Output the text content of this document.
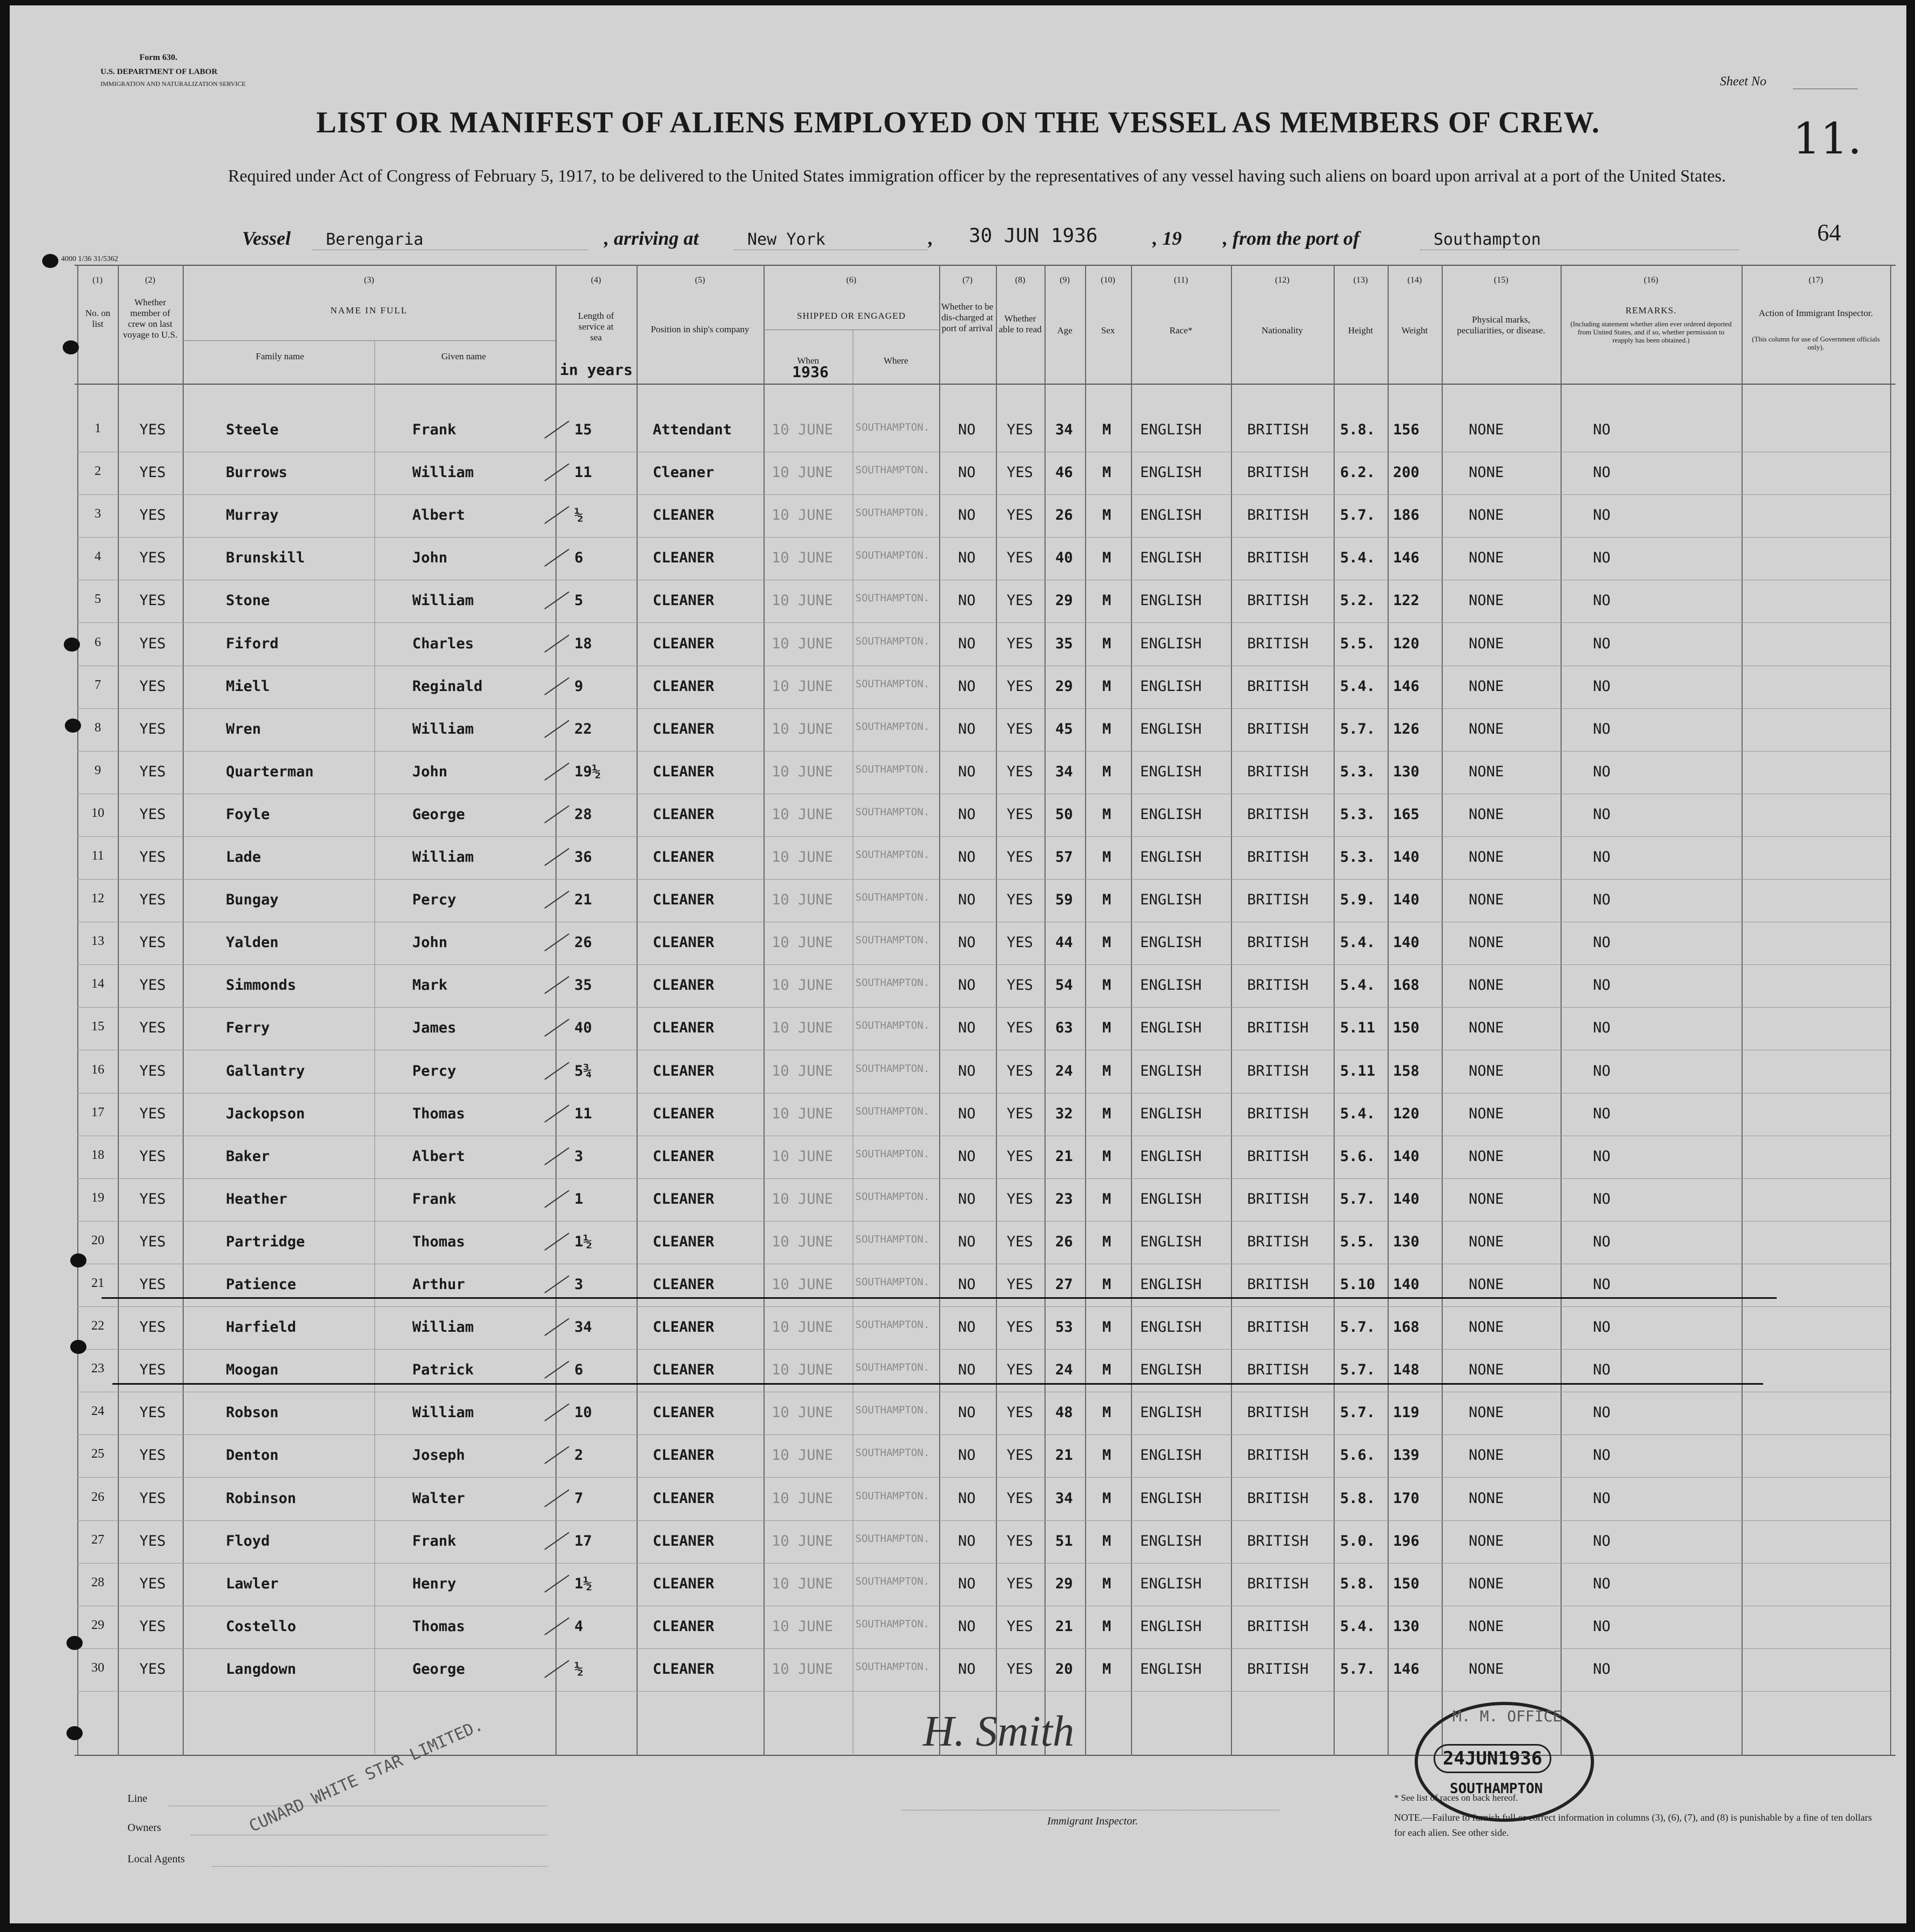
Form 630.
U.S. DEPARTMENT OF LABOR
IMMIGRATION AND NATURALIZATION SERVICE	Sheet No
11.
LIST OR MANIFEST OF ALIENS EMPLOYED ON THE VESSEL AS MEMBERS OF CREW.
Required under Act of Congress of February 5, 1917, to be delivered to the United States immigration officer by the representatives of any vessel having such aliens on board upon arrival at a port of the United States.
Vessel Berengaria	, arriving at	New York	, 30 JUN 1936	, 19 , from the port of	Southampton	64
4000 1/36 31/5362
(1)	(2)	(3)	(4)	(5)	(6)	(7)	(8)	(9)	(10)	(11)	(12)	(13)	(14)	(15)	(16)	(17)
No. on list
Whether member of crew on last voyage to U.S.
NAME IN FULL
Family name	Given name
Length of service at sea
in years
Position in ship's company
SHIPPED OR ENGAGED
When
1936
Where
Whether to be dis-charged at port of arrival
Whether able to read	Age	Sex	Race*	Nationality	Height	Weight
Physical marks, peculiarities, or disease.
REMARKS.
(Including statement whether alien ever ordered deported from United States, and if so, whether permission to reapply has been obtained.)
Action of Immigrant Inspector.
(This column for use of Government officials only).
1	YES	Steele	Frank	15	Attendant	10 JUNE SOUTHAMPTON. NO YES 34 M ENGLISH	BRITISH 5.8. 156	NONE	NO
2	YES	Burrows	William	11	Cleaner	10 JUNE SOUTHAMPTON. NO YES 46 M ENGLISH	BRITISH 6.2. 200	NONE	NO
3	YES	Murray	Albert	½	CLEANER	10 JUNE SOUTHAMPTON. NO YES 26 M ENGLISH	BRITISH 5.7. 186	NONE	NO
4	YES	Brunskill	John	6	CLEANER	10 JUNE SOUTHAMPTON. NO YES 40 M ENGLISH	BRITISH 5.4. 146	NONE	NO
5	YES	Stone	William	5	CLEANER	10 JUNE SOUTHAMPTON. NO YES 29 M ENGLISH	BRITISH 5.2. 122	NONE	NO
6	YES	Fiford	Charles	18	CLEANER	10 JUNE SOUTHAMPTON. NO YES 35 M ENGLISH	BRITISH 5.5. 120	NONE	NO
7	YES	Miell	Reginald	9	CLEANER	10 JUNE SOUTHAMPTON. NO YES 29 M ENGLISH	BRITISH 5.4. 146	NONE	NO
8	YES	Wren	William	22	CLEANER	10 JUNE SOUTHAMPTON. NO YES 45 M ENGLISH	BRITISH 5.7. 126	NONE	NO
9	YES	Quarterman	John	19½	CLEANER	10 JUNE SOUTHAMPTON. NO YES 34 M ENGLISH	BRITISH 5.3. 130	NONE	NO
10	YES	Foyle	George	28	CLEANER	10 JUNE SOUTHAMPTON. NO YES 50 M ENGLISH	BRITISH 5.3. 165	NONE	NO
11	YES	Lade	William	36	CLEANER	10 JUNE SOUTHAMPTON. NO YES 57 M ENGLISH	BRITISH 5.3. 140	NONE	NO
12	YES	Bungay	Percy	21	CLEANER	10 JUNE SOUTHAMPTON. NO YES 59 M ENGLISH	BRITISH 5.9. 140	NONE	NO
13	YES	Yalden	John	26	CLEANER	10 JUNE SOUTHAMPTON. NO YES 44 M ENGLISH	BRITISH 5.4. 140	NONE	NO
14	YES	Simmonds	Mark	35	CLEANER	10 JUNE SOUTHAMPTON. NO YES 54 M ENGLISH	BRITISH 5.4. 168	NONE	NO
15	YES	Ferry	James	40	CLEANER	10 JUNE SOUTHAMPTON. NO YES 63 M ENGLISH	BRITISH 5.11 150	NONE	NO
16	YES	Gallantry	Percy	5¾	CLEANER	10 JUNE SOUTHAMPTON. NO YES 24 M ENGLISH	BRITISH 5.11 158	NONE	NO
17	YES	Jackopson	Thomas	11	CLEANER	10 JUNE SOUTHAMPTON. NO YES 32 M ENGLISH	BRITISH 5.4. 120	NONE	NO
18	YES	Baker	Albert	3	CLEANER	10 JUNE SOUTHAMPTON. NO YES 21 M ENGLISH	BRITISH 5.6. 140	NONE	NO
19	YES	Heather	Frank	1	CLEANER	10 JUNE SOUTHAMPTON. NO YES 23 M ENGLISH	BRITISH 5.7. 140	NONE	NO
20	YES	Partridge	Thomas	1½	CLEANER	10 JUNE SOUTHAMPTON. NO YES 26 M ENGLISH	BRITISH 5.5. 130	NONE	NO
21	YES	Patience	Arthur	3	CLEANER	10 JUNE SOUTHAMPTON. NO YES 27 M ENGLISH	BRITISH 5.10 140	NONE	NO
22	YES	Harfield	William	34	CLEANER	10 JUNE SOUTHAMPTON. NO YES 53 M ENGLISH	BRITISH 5.7. 168	NONE	NO
23	YES	Moogan	Patrick	6	CLEANER	10 JUNE SOUTHAMPTON. NO YES 24 M ENGLISH	BRITISH 5.7. 148	NONE	NO
24	YES	Robson	William	10	CLEANER	10 JUNE SOUTHAMPTON. NO YES 48 M ENGLISH	BRITISH 5.7. 119	NONE	NO
25	YES	Denton	Joseph	2	CLEANER	10 JUNE SOUTHAMPTON. NO YES 21 M ENGLISH	BRITISH 5.6. 139	NONE	NO
26	YES	Robinson	Walter	7	CLEANER	10 JUNE SOUTHAMPTON. NO YES 34 M ENGLISH	BRITISH 5.8. 170	NONE	NO
27	YES	Floyd	Frank	17	CLEANER	10 JUNE SOUTHAMPTON. NO YES 51 M ENGLISH	BRITISH 5.0. 196	NONE	NO
28	YES	Lawler	Henry	1½	CLEANER	10 JUNE SOUTHAMPTON. NO YES 29 M ENGLISH	BRITISH 5.8. 150	NONE	NO
29	YES	Costello	Thomas	4	CLEANER	10 JUNE SOUTHAMPTON. NO YES 21 M ENGLISH	BRITISH 5.4. 130	NONE	NO
30	YES	Langdown	George	½	CLEANER	10 JUNE SOUTHAMPTON. NO YES 20 M ENGLISH	BRITISH 5.7. 146	NONE	NO
Line
Owners
Local Agents
CUNARD WHITE STAR LIMITED.	H. Smith
Immigrant Inspector.
M. M. OFFICE
24JUN1936
SOUTHAMPTON
* See list of races on back hereof.
NOTE.—Failure to furnish full or correct information in columns (3), (6), (7), and (8) is punishable by a fine of ten dollars for each alien. See other side.
